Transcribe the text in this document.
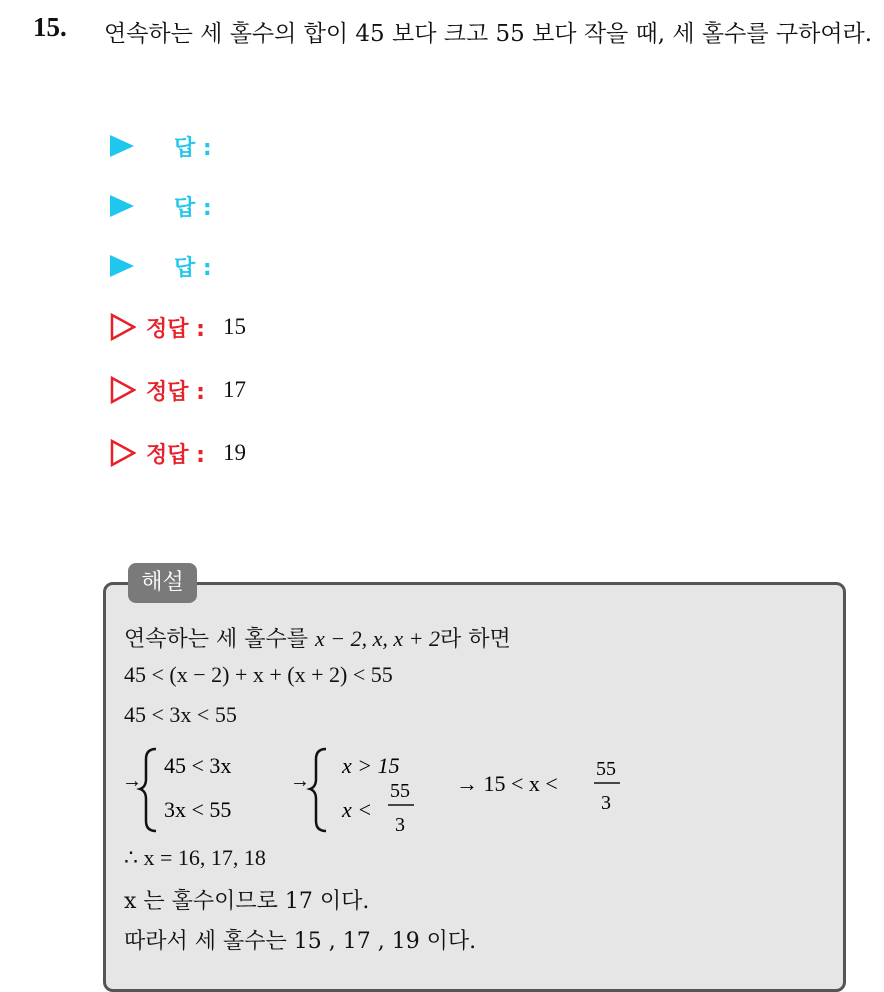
15. 연속하는 세 홀수의 합이 45 보다 크고 55 보다 작을 때, 세 홀수를 구하여라.
답 :
답 :
답 :
정답 : 15
정답 : 17
정답 : 19
해설
연속하는 세 홀수를 x − 2, x, x + 2라 하면
45 < (x − 2) + x + (x + 2) < 55
45 < 3x < 55
→
45 < 3x
3x < 55
→
x > 15
x <
55
3
→ 15 < x <
55
3
∴ x = 16, 17, 18
x 는 홀수이므로 17 이다.
따라서 세 홀수는 15 , 17 , 19 이다.
